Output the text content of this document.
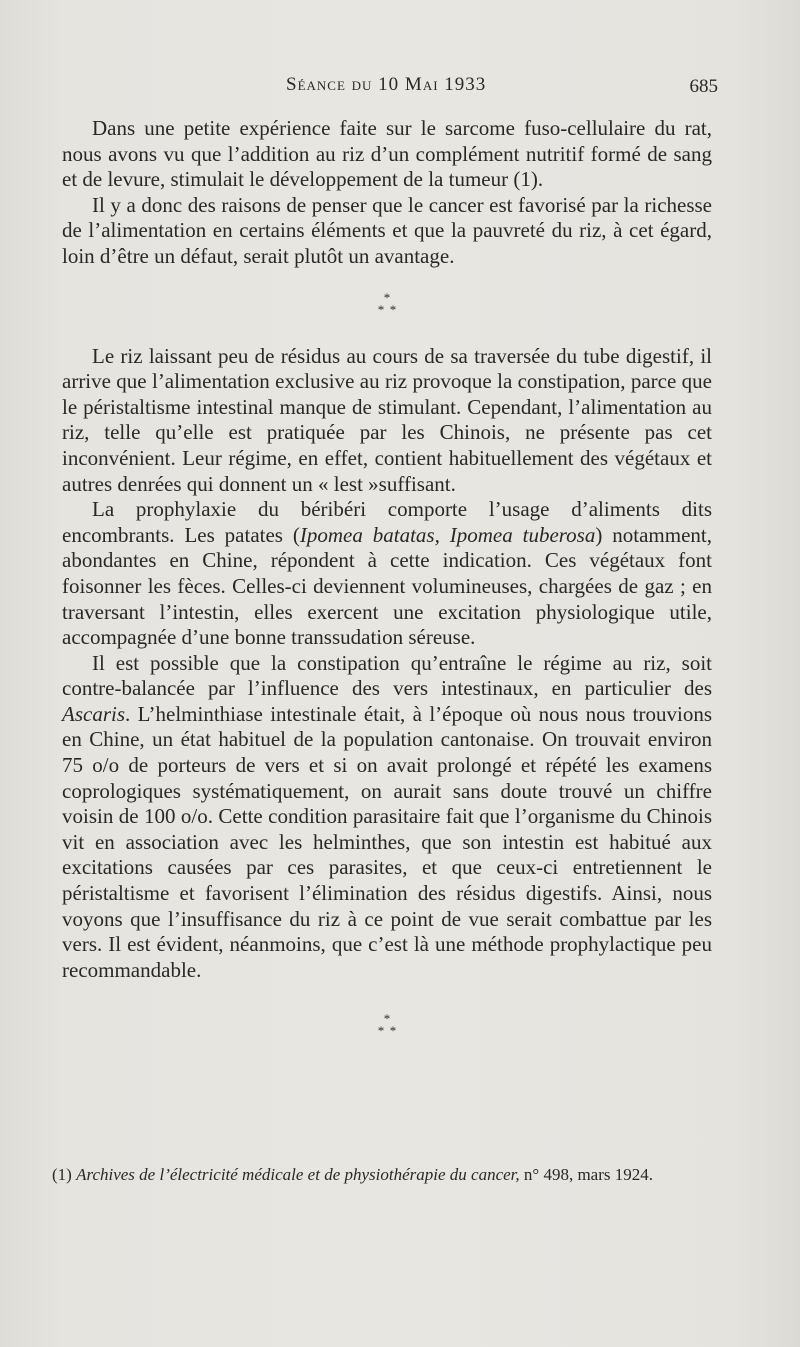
Séance du 10 Mai 1933	685

Dans une petite expérience faite sur le sarcome fuso-cellulaire du rat, nous avons vu que l’addition au riz d’un complément nutritif formé de sang et de levure, stimulait le développement de la tumeur (1).

Il y a donc des raisons de penser que le cancer est favorisé par la richesse de l’alimentation en certains éléments et que la pauvreté du riz, à cet égard, loin d’être un défaut, serait plutôt un avantage.

*
* *

Le riz laissant peu de résidus au cours de sa traversée du tube digestif, il arrive que l’alimentation exclusive au riz provoque la constipation, parce que le péristaltisme intestinal manque de stimulant. Cependant, l’alimentation au riz, telle qu’elle est pratiquée par les Chinois, ne présente pas cet inconvénient. Leur régime, en effet, contient habituellement des végétaux et autres denrées qui donnent un « lest »suffisant.

La prophylaxie du béribéri comporte l’usage d’aliments dits encombrants. Les patates (Ipomea batatas, Ipomea tuberosa) notamment, abondantes en Chine, répondent à cette indication. Ces végétaux font foisonner les fèces. Celles-ci deviennent volumineuses, chargées de gaz ; en traversant l’intestin, elles exercent une excitation physiologique utile, accompagnée d’une bonne transsudation séreuse.

Il est possible que la constipation qu’entraîne le régime au riz, soit contre-balancée par l’influence des vers intestinaux, en particulier des Ascaris. L’helminthiase intestinale était, à l’époque où nous nous trouvions en Chine, un état habituel de la population cantonaise. On trouvait environ 75 o/o de porteurs de vers et si on avait prolongé et répété les examens coprologiques systématiquement, on aurait sans doute trouvé un chiffre voisin de 100 o/o. Cette condition parasitaire fait que l’organisme du Chinois vit en association avec les helminthes, que son intestin est habitué aux excitations causées par ces parasites, et que ceux-ci entretiennent le péristaltisme et favorisent l’élimination des résidus digestifs. Ainsi, nous voyons que l’insuffisance du riz à ce point de vue serait combattue par les vers. Il est évident, néanmoins, que c’est là une méthode prophylactique peu recommandable.

*
* *
(1) Archives de l’électricité médicale et de physiothérapie du cancer, n° 498, mars 1924.
